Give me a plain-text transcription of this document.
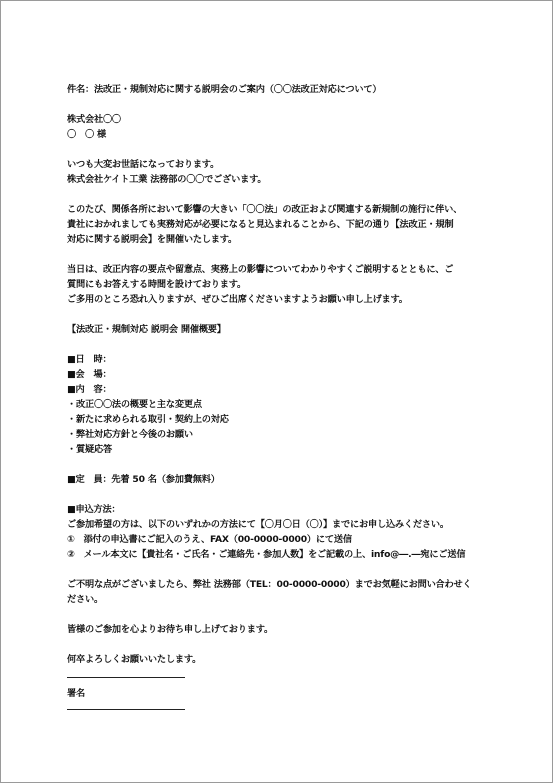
件名：法改正・規制対応に関する説明会のご案内（〇〇法改正対応について）
株式会社〇〇
〇　〇 様
いつも大変お世話になっております。
株式会社ケイト工業 法務部の〇〇でございます。
このたび、関係各所において影響の大きい「〇〇法」の改正および関連する新規制の施行に伴い、
貴社におかれましても実務対応が必要になると見込まれることから、下記の通り【法改正・規制
対応に関する説明会】を開催いたします。
当日は、改正内容の要点や留意点、実務上の影響についてわかりやすくご説明するとともに、ご
質問にもお答えする時間を設けております。
ご多用のところ恐れ入りますが、ぜひご出席くださいますようお願い申し上げます。
【法改正・規制対応 説明会 開催概要】
■日　時：
■会　場：
■内　容：
・改正〇〇法の概要と主な変更点
・新たに求められる取引・契約上の対応
・弊社対応方針と今後のお願い
・質疑応答
■定　員：先着 50 名（参加費無料）
■申込方法：
ご参加希望の方は、以下のいずれかの方法にて【〇月〇日（〇）】までにお申し込みください。
①　添付の申込書にご記入のうえ、FAX（00-0000-0000）にて送信
②　メール本文に【貴社名・ご氏名・ご連絡先・参加人数】をご記載の上、info@―.―宛にご送信
ご不明な点がございましたら、弊社 法務部（TEL：00-0000-0000）までお気軽にお問い合わせく
ださい。
皆様のご参加を心よりお待ち申し上げております。
何卒よろしくお願いいたします。
署名
